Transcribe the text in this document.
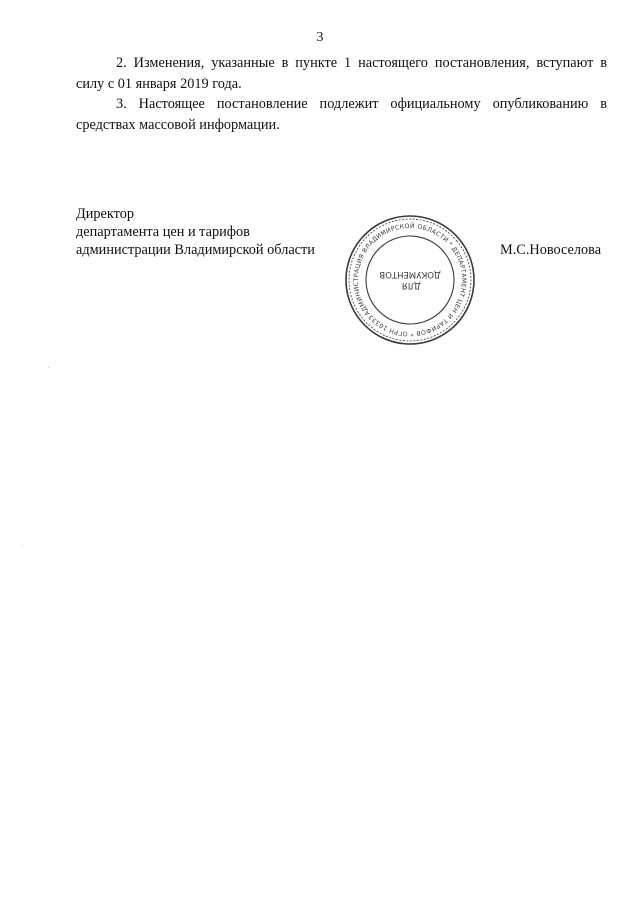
3

2. Изменения, указанные в пункте 1 настоящего постановления, вступают в силу с 01 января 2019 года.

3. Настоящее постановление подлежит официальному опубликованию в средствах массовой информации.

Директор
департамента цен и тарифов
администрации Владимирской области	М.С.Новоселова
АДМИНИСТРАЦИЯ ВЛАДИМИРСКОЙ ОБЛАСТИ * ДЕПАРТАМЕНТ ЦЕН И ТАРИФОВ * ОГРН 1033302010160
ДЛЯ ДОКУМЕНТОВ
